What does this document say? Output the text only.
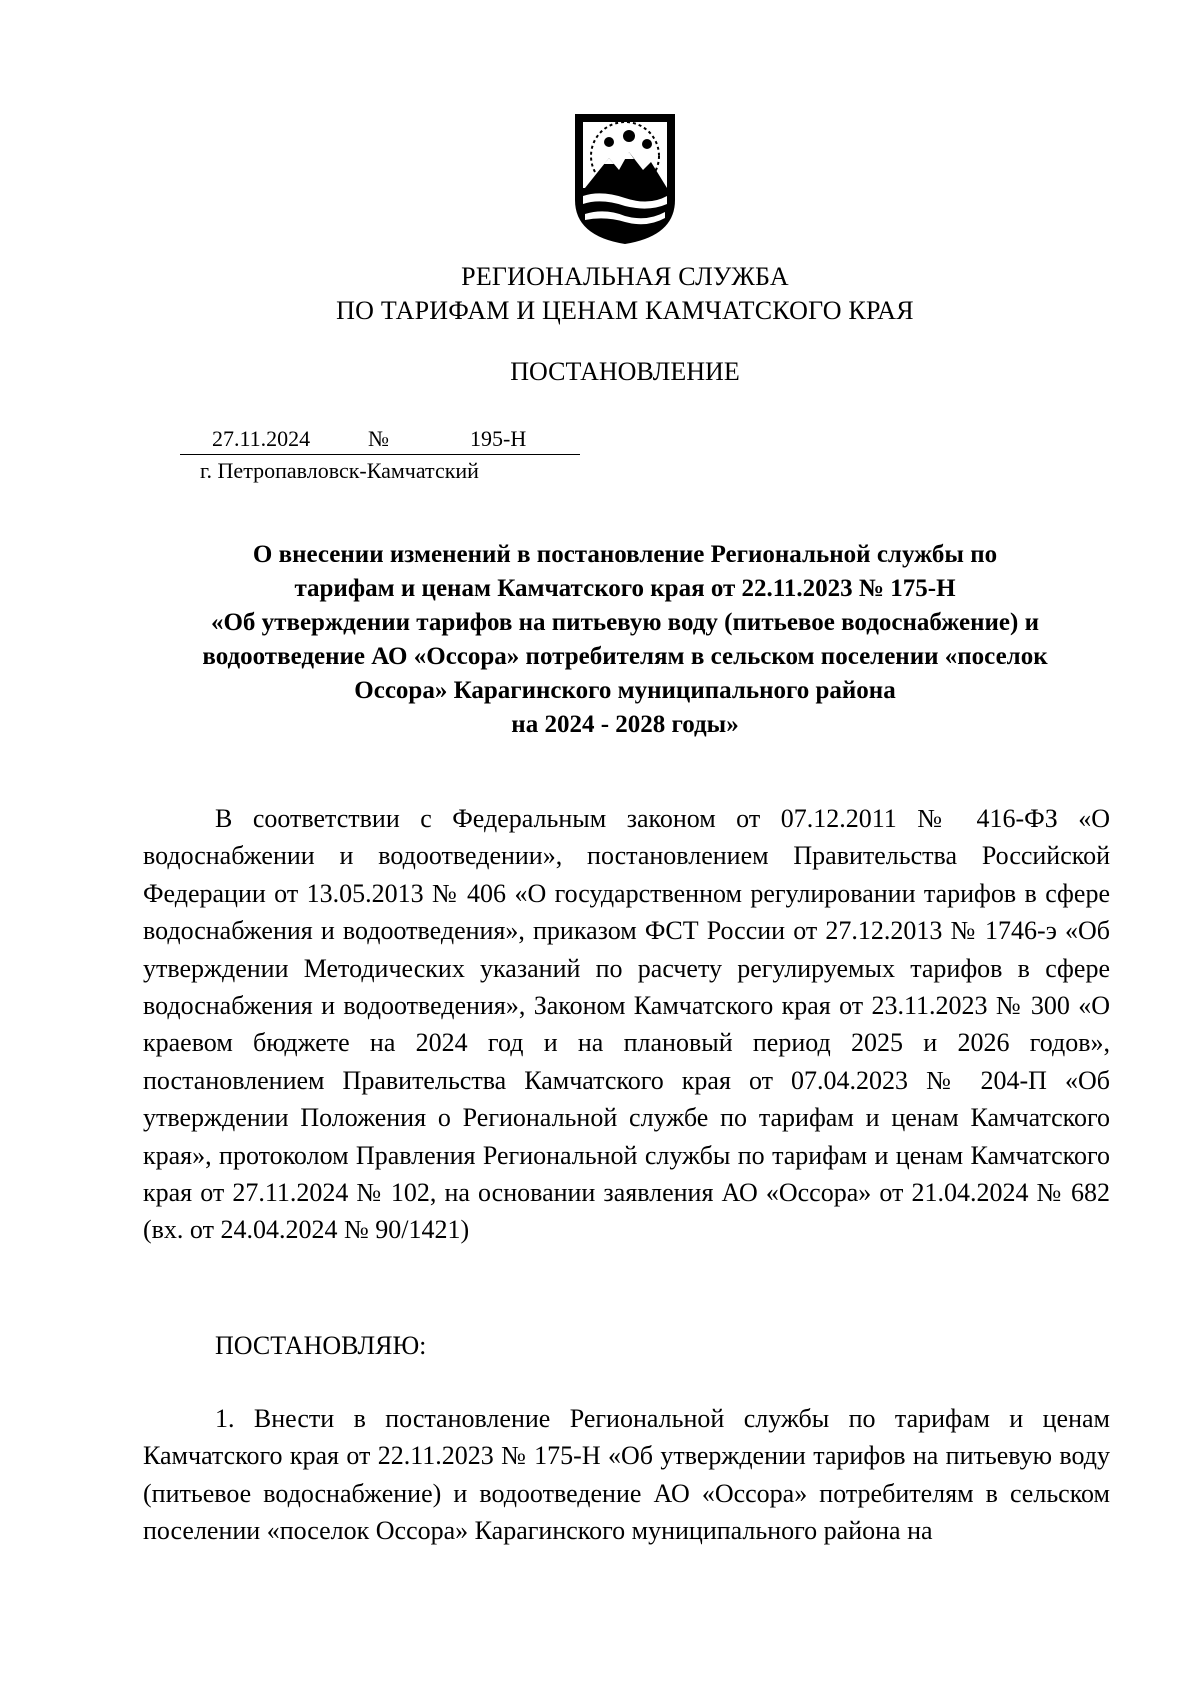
РЕГИОНАЛЬНАЯ СЛУЖБА
ПО ТАРИФАМ И ЦЕНАМ КАМЧАТСКОГО КРАЯ
ПОСТАНОВЛЕНИЕ
27.11.2024	№	195-Н
г. Петропавловск-Камчатский
О внесении изменений в постановление Региональной службы по
тарифам и ценам Камчатского края от 22.11.2023 № 175-Н
«Об утверждении тарифов на питьевую воду (питьевое водоснабжение) и
водоотведение АО «Оссора» потребителям в сельском поселении «поселок
Оссора» Карагинского муниципального района
на 2024 - 2028 годы»
В соответствии с Федеральным законом от 07.12.2011 № 416-ФЗ «О водоснабжении и водоотведении», постановлением Правительства Российской Федерации от 13.05.2013 № 406 «О государственном регулировании тарифов в сфере водоснабжения и водоотведения», приказом ФСТ России от 27.12.2013 № 1746-э «Об утверждении Методических указаний по расчету регулируемых тарифов в сфере водоснабжения и водоотведения», Законом Камчатского края от 23.11.2023 № 300 «О краевом бюджете на 2024 год и на плановый период 2025 и 2026 годов», постановлением Правительства Камчатского края от 07.04.2023 № 204-П «Об утверждении Положения о Региональной службе по тарифам и ценам Камчатского края», протоколом Правления Региональной службы по тарифам и ценам Камчатского края от 27.11.2024 № 102, на основании заявления АО «Оссора» от 21.04.2024 № 682 (вх. от 24.04.2024 № 90/1421)
ПОСТАНОВЛЯЮ:
1. Внести в постановление Региональной службы по тарифам и ценам Камчатского края от 22.11.2023 № 175-Н «Об утверждении тарифов на питьевую воду (питьевое водоснабжение) и водоотведение АО «Оссора» потребителям в сельском поселении «поселок Оссора» Карагинского муниципального района на
